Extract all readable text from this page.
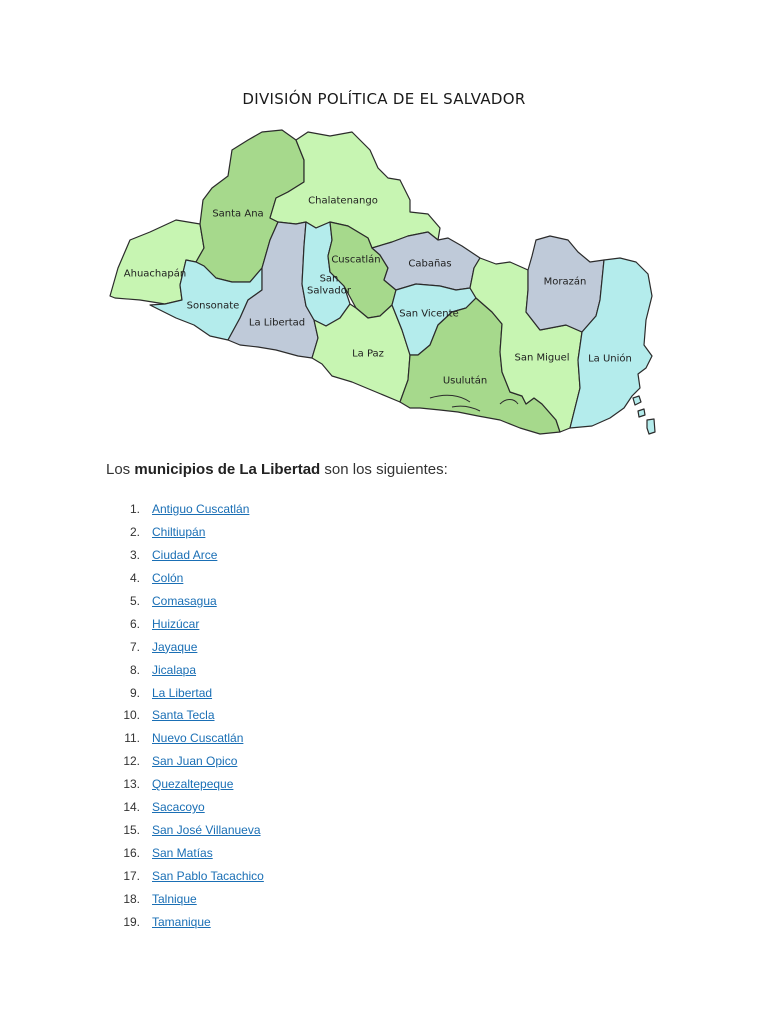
DIVISIÓN POLÍTICA DE EL SALVADOR
Ahuachapán
Santa Ana
Sonsonate
Chalatenango
La Libertad
San Salvador
Cuscatlán	Cabañas
La Paz
San Vicente
Usulután
San Miguel
Morazán
La Unión

Los municipios de La Libertad son los siguientes:

1. Antiguo Cuscatlán
2. Chiltiupán
3. Ciudad Arce
4. Colón
5. Comasagua
6. Huizúcar
7. Jayaque
8. Jicalapa
9. La Libertad
10. Santa Tecla
11. Nuevo Cuscatlán
12. San Juan Opico
13. Quezaltepeque
14. Sacacoyo
15. San José Villanueva
16. San Matías
17. San Pablo Tacachico
18. Talnique
19. Tamanique
